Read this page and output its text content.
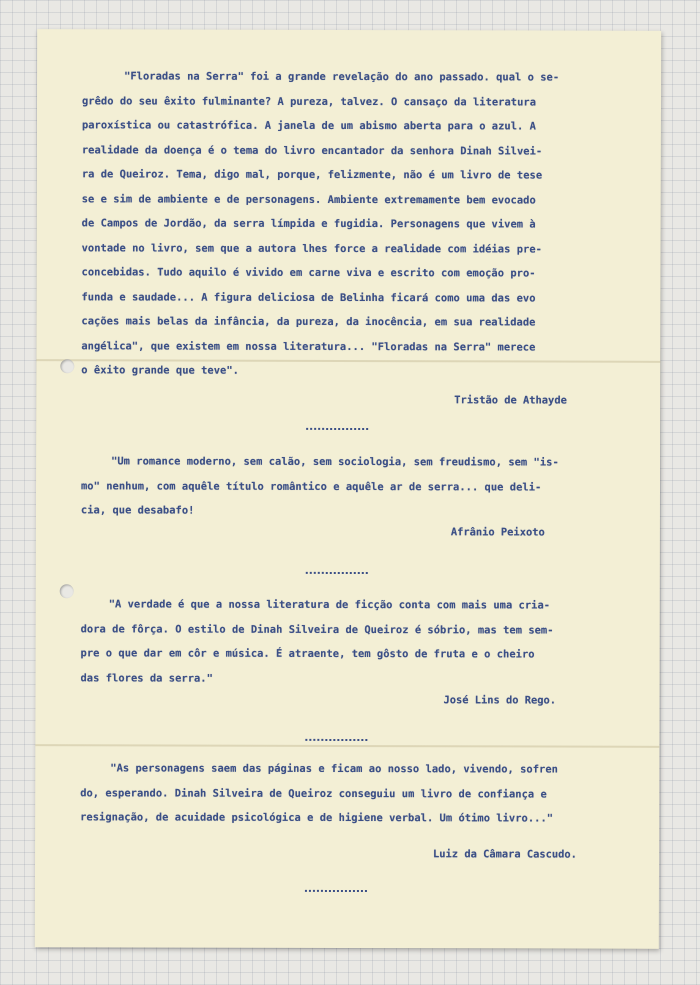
"Floradas na Serra" foi a grande revelação do ano passado. qual o se-
grêdo do seu êxito fulminante? A pureza, talvez. O cansaço da literatura
paroxística ou catastrófica. A janela de um abismo aberta para o azul. A
realidade da doença é o tema do livro encantador da senhora Dinah Silvei-
ra de Queiroz. Tema, digo mal, porque, felizmente, não é um livro de tese
se e sim de ambiente e de personagens. Ambiente extremamente bem evocado
de Campos de Jordão, da serra límpida e fugidia. Personagens que vivem à
vontade no livro, sem que a autora lhes force a realidade com idéias pre-
concebidas. Tudo aquilo é vivido em carne viva e escrito com emoção pro-
funda e saudade... A figura deliciosa de Belinha ficará como uma das evo
cações mais belas da infância, da pureza, da inocência, em sua realidade
angélica", que existem em nossa literatura... "Floradas na Serra" merece
o êxito grande que teve".
Tristão de Athayde
"Um romance moderno, sem calão, sem sociologia, sem freudismo, sem "is-
mo" nenhum, com aquêle título romântico e aquêle ar de serra... que deli-
cia, que desabafo!
Afrânio Peixoto
"A verdade é que a nossa literatura de ficção conta com mais uma cria-
dora de fôrça. O estilo de Dinah Silveira de Queiroz é sóbrio, mas tem sem-
pre o que dar em côr e música. É atraente, tem gôsto de fruta e o cheiro
das flores da serra."
José Lins do Rego.
"As personagens saem das páginas e ficam ao nosso lado, vivendo, sofren
do, esperando. Dinah Silveira de Queiroz conseguiu um livro de confiança e
resignação, de acuidade psicológica e de higiene verbal. Um ótimo livro..."
Luiz da Câmara Cascudo.
